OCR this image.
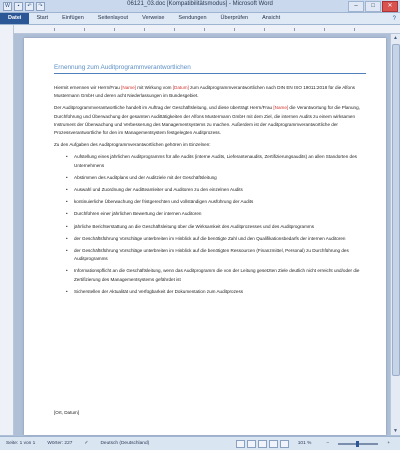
W	▪	↶	↷	06121_03.doc [Kompatibilitätsmodus] - Microsoft Word	–	□	✕
Datei	Start	Einfügen	Seitenlayout	Verweise	Sendungen	Überprüfen	Ansicht	?
▲
▼
Ernennung zum Auditprogrammverantwortlichen

Hiermit ernennen wir Herrn/Frau [Name] mit Wirkung vom [Datum] zum Auditprogrammverantwortlichen nach DIN EN ISO 19011:2018 für die Alfons Mustermann GmbH und deren acht Niederlassungen im Bundesgebiet.

Der Auditprogrammverantwortliche handelt im Auftrag der Geschäftsleitung, und diese überträgt Herrn/Frau [Name] die Verantwortung für die Planung, Durchführung und Überwachung der gesamten Audittätigkeiten der Alfons Mustermann GmbH mit dem Ziel, die internen Audits zu einem wirksamen Instrument der Überwachung und Verbesserung des Managementsystems zu machen. Außerdem ist der Auditprogrammverantwortliche der Prozessverantwortliche für den im Managementsystem festgelegten Auditprozess.

Zu den Aufgaben des Auditprogrammverantwortlichen gehören im Einzelnen:

• Aufstellung eines jährlichen Auditprogramms für alle Audits (interne Audits, Lieferantenaudits, Zertifizierungsaudits) an allen Standorten des Unternehmens
• Abstimmen des Auditplans und der Auditziele mit der Geschäftsleitung
• Auswahl und Zuordnung der Auditteamleiter und Auditoren zu den einzelnen Audits
• kontinuierliche Überwachung der fristgerechten und vollständigen Ausführung der Audits
• Durchführen einer jährlichen Bewertung der internen Auditoren
• jährliche Berichterstattung an die Geschäftsleitung über die Wirksamkeit des Auditprozesses und des Auditprogramms
• der Geschäftsführung Vorschläge unterbreiten im Hinblick auf die benötigte Zahl und den Qualifikationsbedarfs der internen Auditoren
• der Geschäftsführung Vorschläge unterbreiten im Hinblick auf die benötigten Ressourcen (Finanzmittel, Personal) zu Durchführung des Auditprogramms
• Informationspflicht an die Geschäftsleitung, wenn das Auditprogramm die von der Leitung gesetzten Ziele deutlich nicht erreicht und/oder die Zertifizierung des Managementsystems gefährdet ist
• Sicherstellen der Aktualität und Verfügbarkeit der Dokumentation zum Auditprozess
[Ort, Datum]
Seite: 1 von 1	Wörter: 227	✓	Deutsch (Deutschland)	101 %	−	+
